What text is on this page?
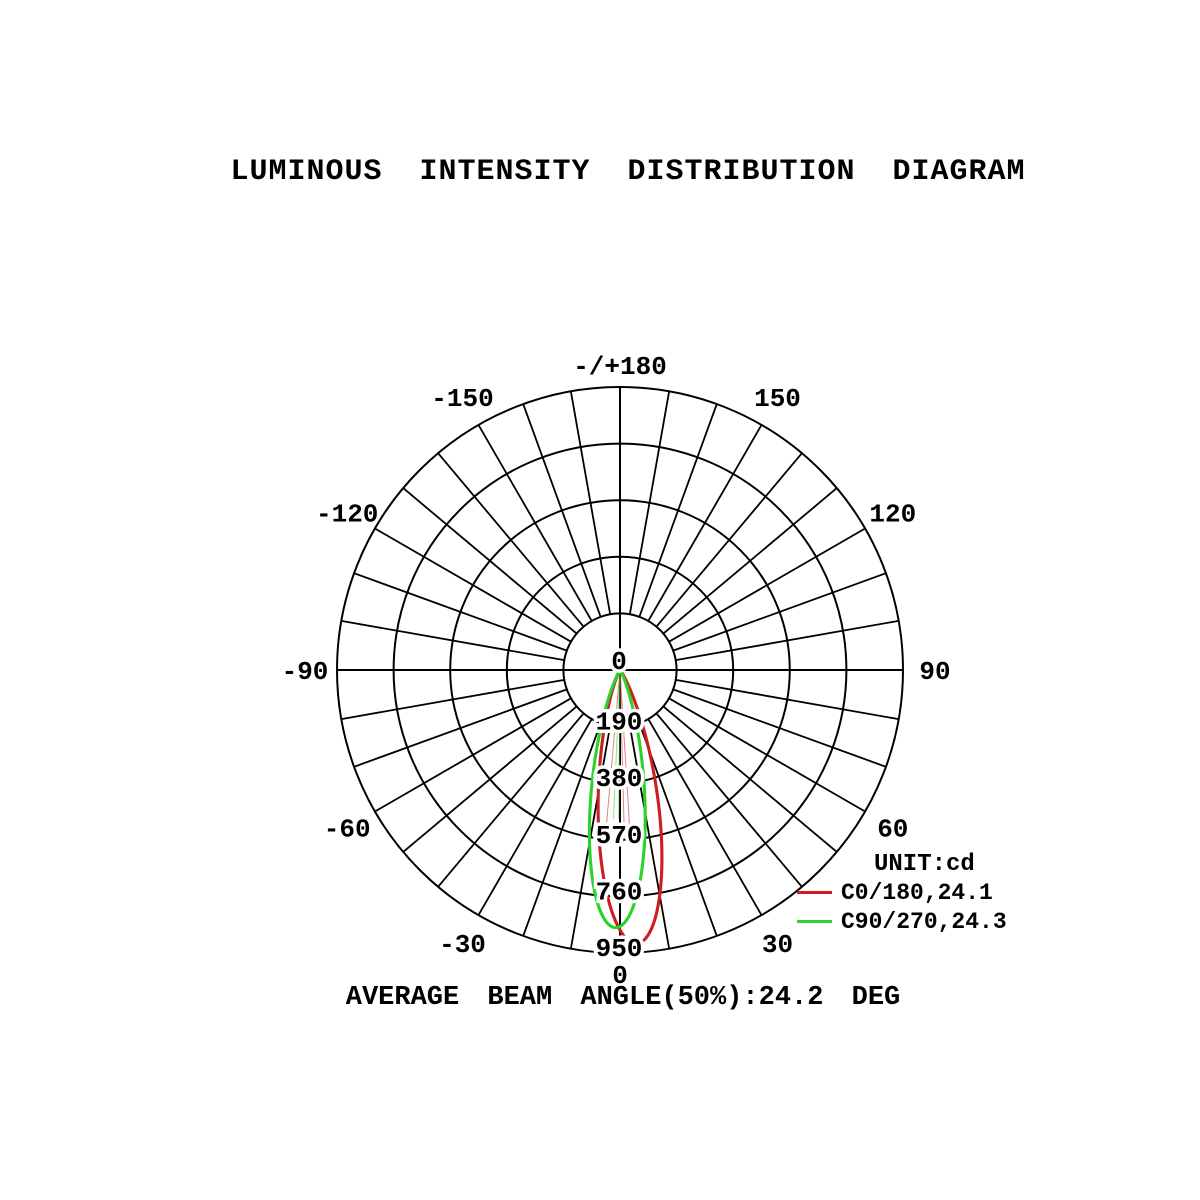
LUMINOUS INTENSITY DISTRIBUTION DIAGRAM
0
190
380
570
760
950
-/+180
150
120
90
60
30
0
-30
-60
-90
-120
-150
UNIT:cd
C0/180,24.1
C90/270,24.3
AVERAGE BEAM ANGLE(50%):24.2 DEG
